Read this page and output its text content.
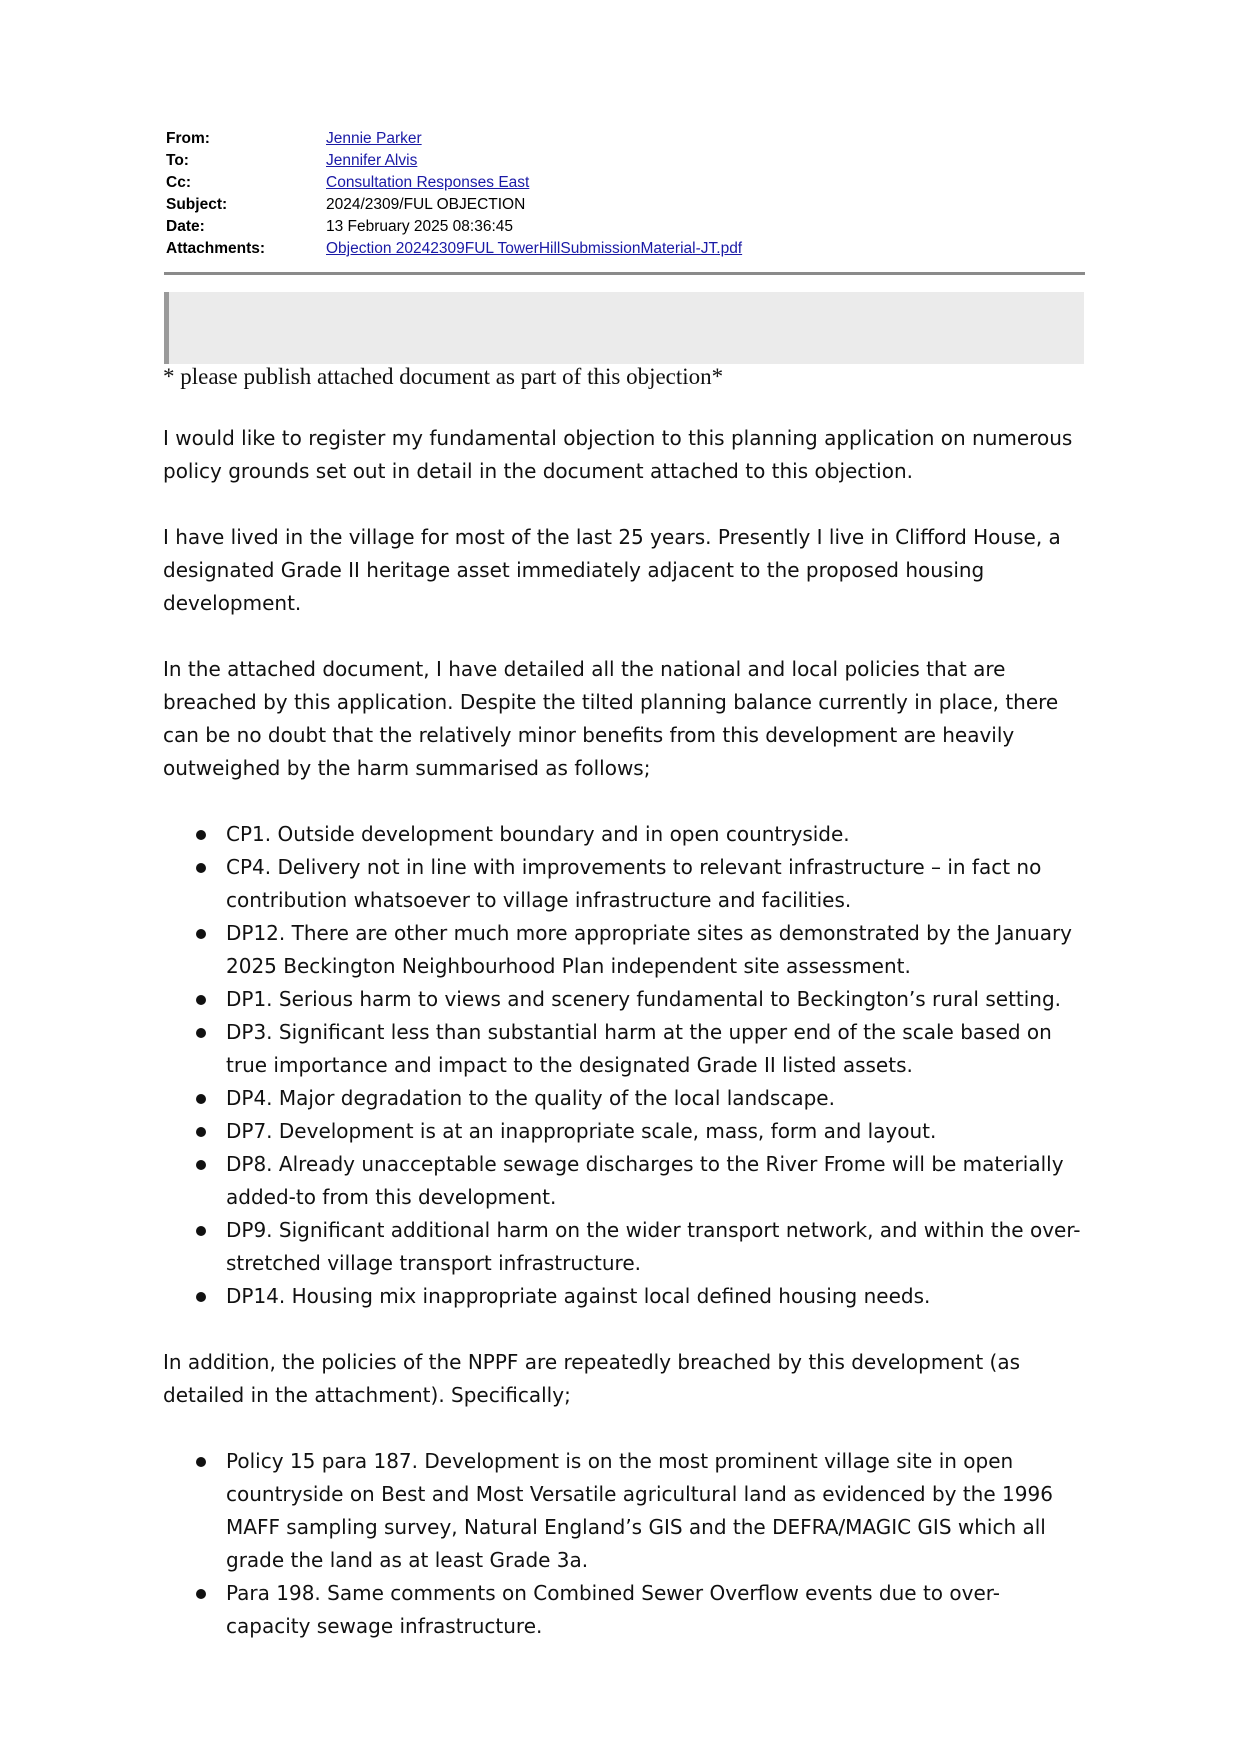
From:	Jennie Parker
To:	Jennifer Alvis
Cc:	Consultation Responses East
Subject:	2024/2309/FUL OBJECTION
Date:	13 February 2025 08:36:45
Attachments:	Objection 20242309FUL TowerHillSubmissionMaterial-JT.pdf
* please publish attached document as part of this objection*

I would like to register my fundamental objection to this planning application on numerous policy grounds set out in detail in the document attached to this objection.

I have lived in the village for most of the last 25 years. Presently I live in Clifford House, a designated Grade II heritage asset immediately adjacent to the proposed housing development.

In the attached document, I have detailed all the national and local policies that are breached by this application. Despite the tilted planning balance currently in place, there can be no doubt that the relatively minor benefits from this development are heavily outweighed by the harm summarised as follows;

CP1. Outside development boundary and in open countryside.
CP4. Delivery not in line with improvements to relevant infrastructure – in fact no contribution whatsoever to village infrastructure and facilities.
DP12. There are other much more appropriate sites as demonstrated by the January 2025 Beckington Neighbourhood Plan independent site assessment.
DP1. Serious harm to views and scenery fundamental to Beckington’s rural setting.
DP3. Significant less than substantial harm at the upper end of the scale based on true importance and impact to the designated Grade II listed assets.
DP4. Major degradation to the quality of the local landscape.
DP7. Development is at an inappropriate scale, mass, form and layout.
DP8. Already unacceptable sewage discharges to the River Frome will be materially added-to from this development.
DP9. Significant additional harm on the wider transport network, and within the over-stretched village transport infrastructure.
DP14. Housing mix inappropriate against local defined housing needs.

In addition, the policies of the NPPF are repeatedly breached by this development (as detailed in the attachment). Specifically;

Policy 15 para 187. Development is on the most prominent village site in open countryside on Best and Most Versatile agricultural land as evidenced by the 1996 MAFF sampling survey, Natural England’s GIS and the DEFRA/MAGIC GIS which all grade the land as at least Grade 3a.
Para 198. Same comments on Combined Sewer Overflow events due to over-capacity sewage infrastructure.
